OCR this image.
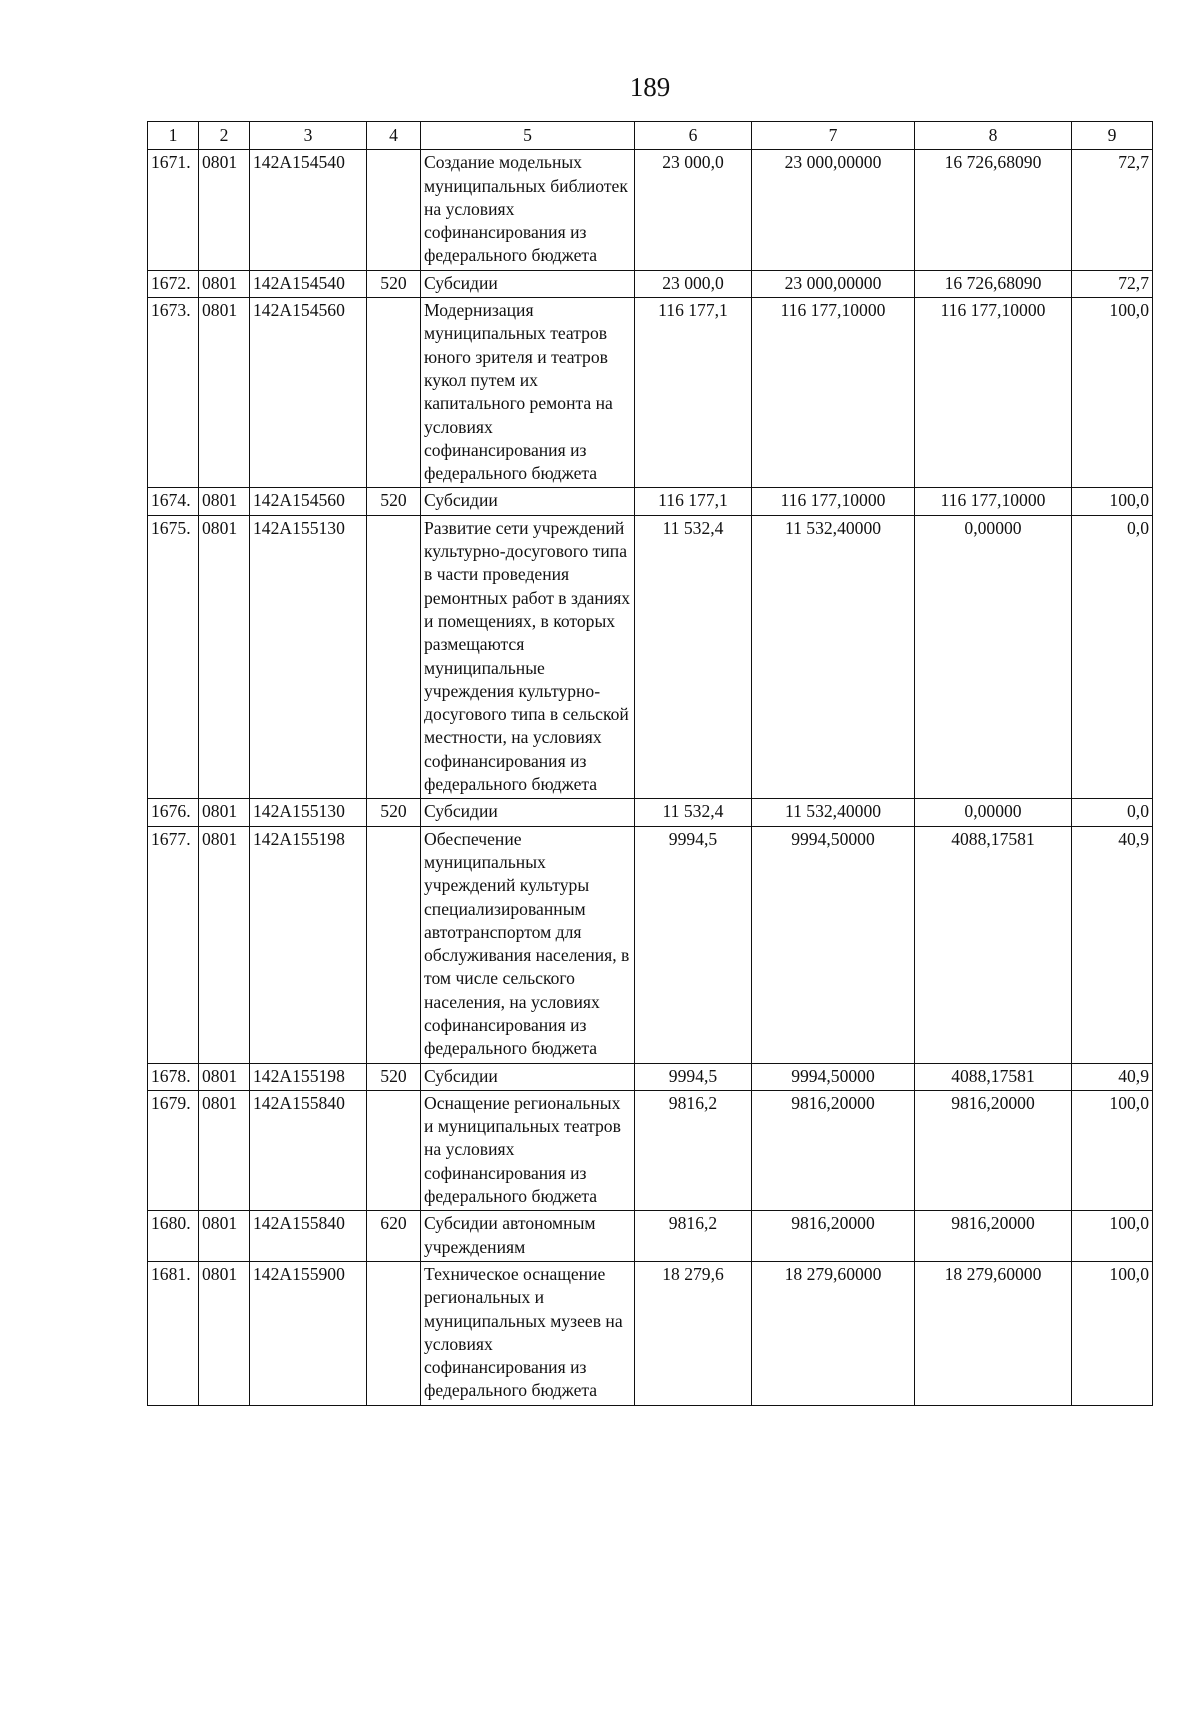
189
1	2	3	4	5	6	7	8	9
1671.	0801	142A154540		Создание модельных муниципальных библиотек на условиях софинансирования из федерального бюджета	23 000,0	23 000,00000	16 726,68090	72,7
1672.	0801	142A154540	520	Субсидии	23 000,0	23 000,00000	16 726,68090	72,7
1673.	0801	142A154560		Модернизация муниципальных театров юного зрителя и театров кукол путем их капитального ремонта на условиях софинансирования из федерального бюджета	116 177,1	116 177,10000	116 177,10000	100,0
1674.	0801	142A154560	520	Субсидии	116 177,1	116 177,10000	116 177,10000	100,0
1675.	0801	142A155130		Развитие сети учреждений культурно-досугового типа в части проведения ремонтных работ в зданиях и помещениях, в которых размещаются муниципальные учреждения культурно-досугового типа в сельской местности, на условиях софинансирования из федерального бюджета	11 532,4	11 532,40000	0,00000	0,0
1676.	0801	142A155130	520	Субсидии	11 532,4	11 532,40000	0,00000	0,0
1677.	0801	142A155198		Обеспечение муниципальных учреждений культуры специализированным автотранспортом для обслуживания населения, в том числе сельского населения, на условиях софинансирования из федерального бюджета	9994,5	9994,50000	4088,17581	40,9
1678.	0801	142A155198	520	Субсидии	9994,5	9994,50000	4088,17581	40,9
1679.	0801	142A155840		Оснащение региональных и муниципальных театров на условиях софинансирования из федерального бюджета	9816,2	9816,20000	9816,20000	100,0
1680.	0801	142A155840	620	Субсидии автономным учреждениям	9816,2	9816,20000	9816,20000	100,0
1681.	0801	142A155900		Техническое оснащение региональных и муниципальных музеев на условиях софинансирования из федерального бюджета	18 279,6	18 279,60000	18 279,60000	100,0
